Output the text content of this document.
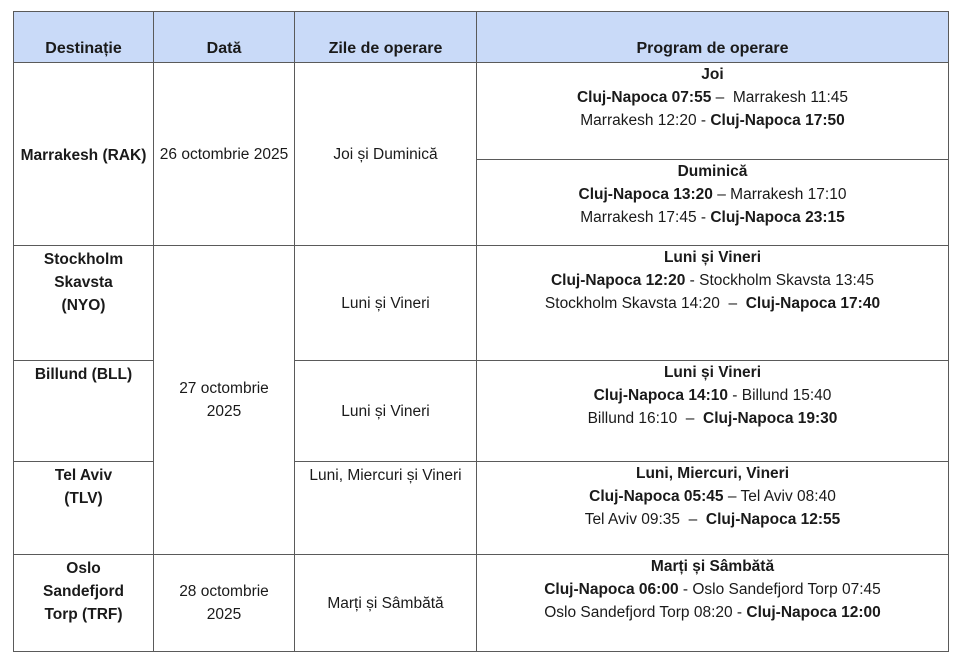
Destinație	Dată	Zile de operare	Program de operare
Marrakesh (RAK)	26 octombrie 2025	Joi și Duminică	Joi
Cluj-Napoca 07:55 –  Marrakesh 11:45
Marrakesh 12:20 - Cluj-Napoca 17:50

			Duminică
Cluj-Napoca 13:20 – Marrakesh 17:10
Marrakesh 17:45 - Cluj-Napoca 23:15

Stockholm Skavsta (NYO)	27 octombrie 2025	Luni și Vineri	Luni și Vineri
Cluj-Napoca 12:20 - Stockholm Skavsta 13:45
Stockholm Skavsta 14:20  –  Cluj-Napoca 17:40

Billund (BLL)		Luni și Vineri	Luni și Vineri
Cluj-Napoca 14:10 - Billund 15:40
Billund 16:10  –  Cluj-Napoca 19:30

Tel Aviv (TLV)		Luni, Miercuri și Vineri	Luni, Miercuri, Vineri
Cluj-Napoca 05:45 – Tel Aviv 08:40
Tel Aviv 09:35  –  Cluj-Napoca 12:55

Oslo Sandefjord Torp (TRF)	28 octombrie 2025	Marți și Sâmbătă	Marți și Sâmbătă
Cluj-Napoca 06:00 - Oslo Sandefjord Torp 07:45
Oslo Sandefjord Torp 08:20 - Cluj-Napoca 12:00
